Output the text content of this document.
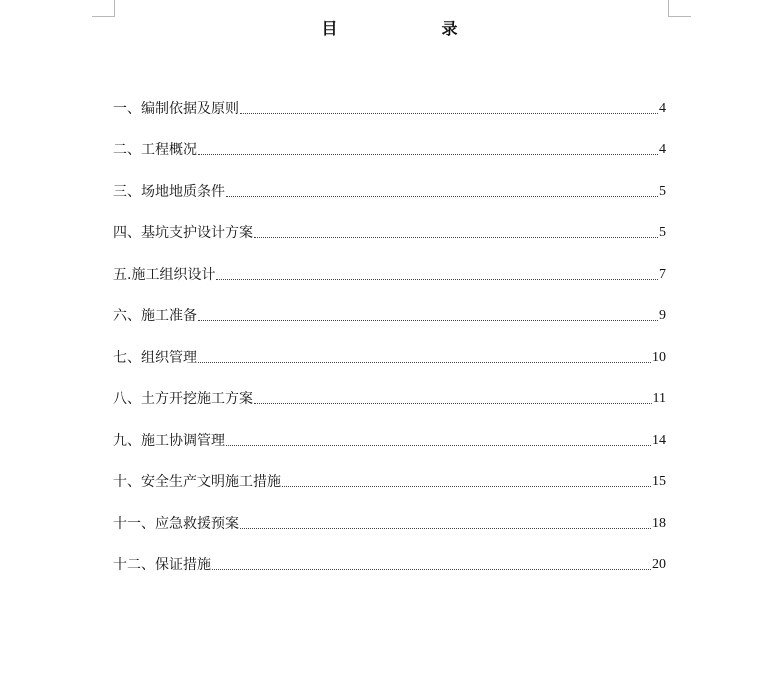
目　录
一、编制依据及原则	4
二、工程概况	4
三、场地地质条件	5
四、基坑支护设计方案	5
五.施工组织设计	7
六、施工准备	9
七、组织管理	10
八、土方开挖施工方案	11
九、施工协调管理	14
十、安全生产文明施工措施	15
十一、应急救援预案	18
十二、保证措施	20
